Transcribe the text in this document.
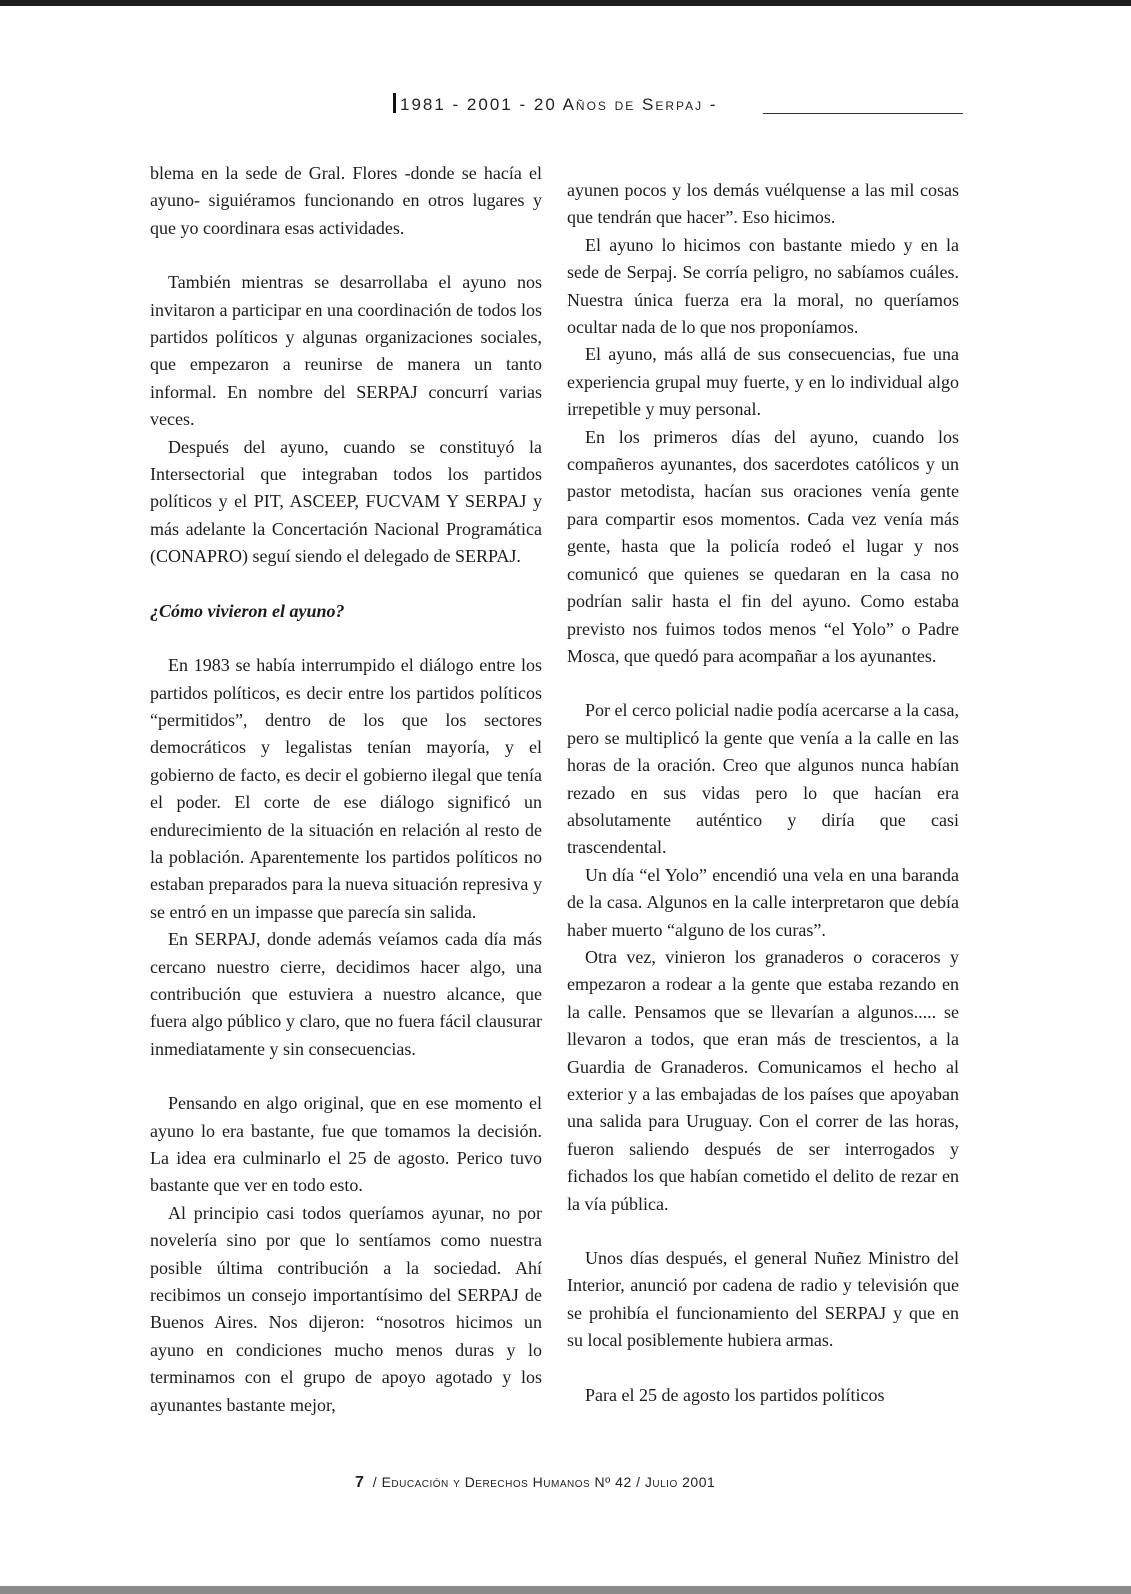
1981 - 2001 - 20 Años de Serpaj -

blema en la sede de Gral. Flores -donde se hacía el ayuno- siguiéramos funcionando en otros lugares y que yo coordinara esas actividades.

También mientras se desarrollaba el ayuno nos invitaron a participar en una coordinación de todos los partidos políticos y algunas organizaciones sociales, que empezaron a reunirse de manera un tanto informal. En nombre del SERPAJ concurrí varias veces.

Después del ayuno, cuando se constituyó la Intersectorial que integraban todos los partidos políticos y el PIT, ASCEEP, FUCVAM Y SERPAJ y más adelante la Concertación Nacional Programática (CONAPRO) seguí siendo el delegado de SERPAJ.

¿Cómo vivieron el ayuno?

En 1983 se había interrumpido el diálogo entre los partidos políticos, es decir entre los partidos políticos “permitidos”, dentro de los que los sectores democráticos y legalistas tenían mayoría, y el gobierno de facto, es decir el gobierno ilegal que tenía el poder. El corte de ese diálogo significó un endurecimiento de la situación en relación al resto de la población. Aparentemente los partidos políticos no estaban preparados para la nueva situación represiva y se entró en un impasse que parecía sin salida.

En SERPAJ, donde además veíamos cada día más cercano nuestro cierre, decidimos hacer algo, una contribución que estuviera a nuestro alcance, que fuera algo público y claro, que no fuera fácil clausurar inmediatamente y sin consecuencias.

Pensando en algo original, que en ese momento el ayuno lo era bastante, fue que tomamos la decisión. La idea era culminarlo el 25 de agosto. Perico tuvo bastante que ver en todo esto.

Al principio casi todos queríamos ayunar, no por novelería sino por que lo sentíamos como nuestra posible última contribución a la sociedad. Ahí recibimos un consejo importantísimo del SERPAJ de Buenos Aires. Nos dijeron: “nosotros hicimos un ayuno en condiciones mucho menos duras y lo terminamos con el grupo de apoyo agotado y los ayunantes bastante mejor,

ayunen pocos y los demás vuélquense a las mil cosas que tendrán que hacer”. Eso hicimos.

El ayuno lo hicimos con bastante miedo y en la sede de Serpaj. Se corría peligro, no sabíamos cuáles. Nuestra única fuerza era la moral, no queríamos ocultar nada de lo que nos proponíamos.

El ayuno, más allá de sus consecuencias, fue una experiencia grupal muy fuerte, y en lo individual algo irrepetible y muy personal.

En los primeros días del ayuno, cuando los compañeros ayunantes, dos sacerdotes católicos y un pastor metodista, hacían sus oraciones venía gente para compartir esos momentos. Cada vez venía más gente, hasta que la policía rodeó el lugar y nos comunicó que quienes se quedaran en la casa no podrían salir hasta el fin del ayuno. Como estaba previsto nos fuimos todos menos “el Yolo” o Padre Mosca, que quedó para acompañar a los ayunantes.

Por el cerco policial nadie podía acercarse a la casa, pero se multiplicó la gente que venía a la calle en las horas de la oración. Creo que algunos nunca habían rezado en sus vidas pero lo que hacían era absolutamente auténtico y diría que casi trascendental.

Un día “el Yolo” encendió una vela en una baranda de la casa. Algunos en la calle interpretaron que debía haber muerto “alguno de los curas”.

Otra vez, vinieron los granaderos o coraceros y empezaron a rodear a la gente que estaba rezando en la calle. Pensamos que se llevarían a algunos..... se llevaron a todos, que eran más de trescientos, a la Guardia de Granaderos. Comunicamos el hecho al exterior y a las embajadas de los países que apoyaban una salida para Uruguay. Con el correr de las horas, fueron saliendo después de ser interrogados y fichados los que habían cometido el delito de rezar en la vía pública.

Unos días después, el general Nuñez Ministro del Interior, anunció por cadena de radio y televisión que se prohibía el funcionamiento del SERPAJ y que en su local posiblemente hubiera armas.

Para el 25 de agosto los partidos políticos

7 / Educación y Derechos Humanos Nº 42 / Julio 2001
